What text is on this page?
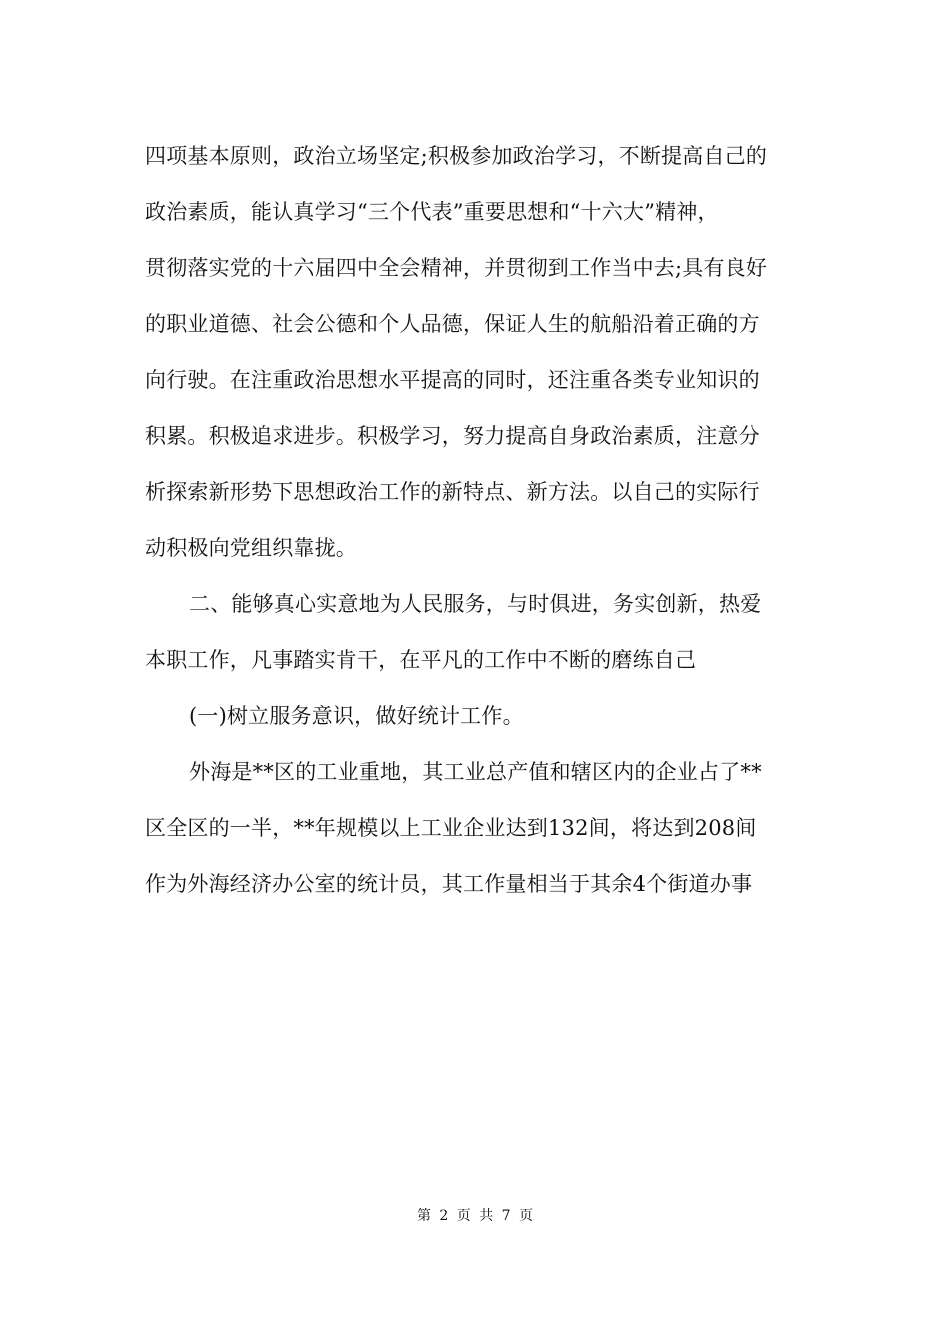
四项基本原则，政治立场坚定;积极参加政治学习，不断提高自己的
政治素质，能认真学习“三个代表”重要思想和“十六大”精神，
贯彻落实党的十六届四中全会精神，并贯彻到工作当中去;具有良好
的职业道德、社会公德和个人品德，保证人生的航船沿着正确的方
向行驶。在注重政治思想水平提高的同时，还注重各类专业知识的
积累。积极追求进步。积极学习，努力提高自身政治素质，注意分
析探索新形势下思想政治工作的新特点、新方法。以自己的实际行
动积极向党组织靠拢。
二、能够真心实意地为人民服务，与时俱进，务实创新，热爱
本职工作，凡事踏实肯干，在平凡的工作中不断的磨练自己
(一)树立服务意识，做好统计工作。
外海是**区的工业重地，其工业总产值和辖区内的企业占了**
区全区的一半，**年规模以上工业企业达到132间，将达到208间
作为外海经济办公室的统计员，其工作量相当于其余4个街道办事
第 2 页 共 7 页
